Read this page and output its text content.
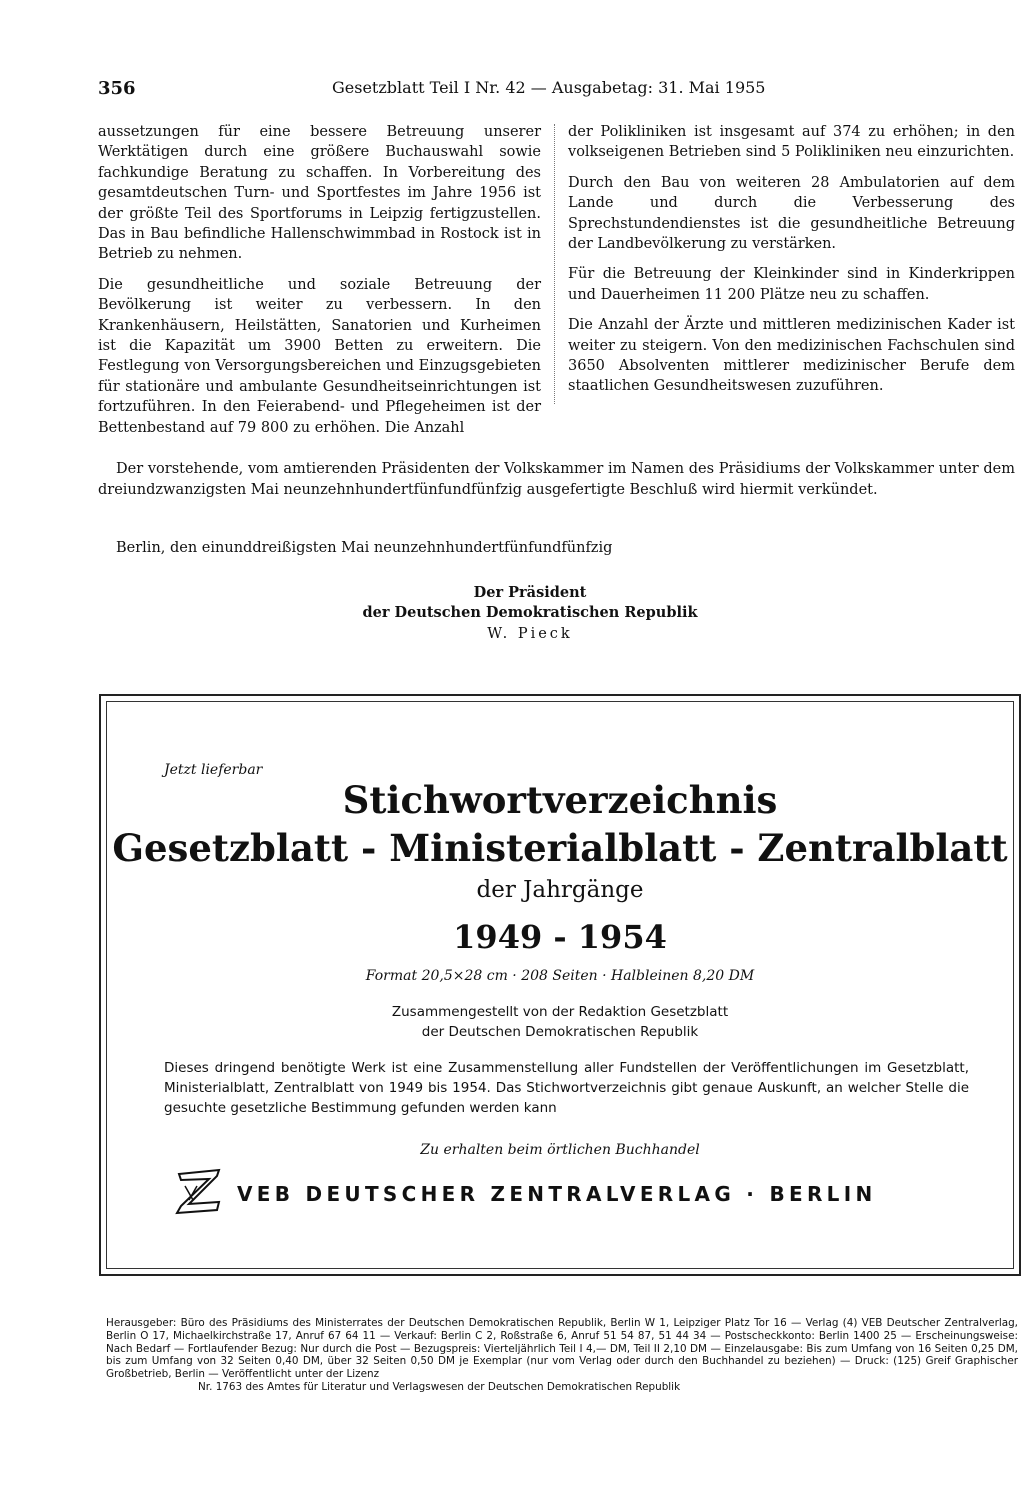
356	Gesetzblatt Teil I Nr. 42 — Ausgabetag: 31. Mai 1955

aussetzungen für eine bessere Betreuung unserer Werktätigen durch eine größere Buchauswahl sowie fachkundige Beratung zu schaffen. In Vorbereitung des gesamtdeutschen Turn- und Sportfestes im Jahre 1956 ist der größte Teil des Sportforums in Leipzig fertigzustellen. Das in Bau befindliche Hallenschwimmbad in Rostock ist in Betrieb zu nehmen.

Die gesundheitliche und soziale Betreuung der Bevölkerung ist weiter zu verbessern. In den Krankenhäusern, Heilstätten, Sanatorien und Kurheimen ist die Kapazität um 3900 Betten zu erweitern. Die Festlegung von Versorgungsbereichen und Einzugsgebieten für stationäre und ambulante Gesundheitseinrichtungen ist fortzuführen. In den Feierabend- und Pflegeheimen ist der Bettenbestand auf 79 800 zu erhöhen. Die Anzahl

der Polikliniken ist insgesamt auf 374 zu erhöhen; in den volkseigenen Betrieben sind 5 Polikliniken neu einzurichten.

Durch den Bau von weiteren 28 Ambulatorien auf dem Lande und durch die Verbesserung des Sprechstundendienstes ist die gesundheitliche Betreuung der Landbevölkerung zu verstärken.

Für die Betreuung der Kleinkinder sind in Kinderkrippen und Dauerheimen 11 200 Plätze neu zu schaffen.

Die Anzahl der Ärzte und mittleren medizinischen Kader ist weiter zu steigern. Von den medizinischen Fachschulen sind 3650 Absolventen mittlerer medizinischer Berufe dem staatlichen Gesundheitswesen zuzuführen.

Der vorstehende, vom amtierenden Präsidenten der Volkskammer im Namen des Präsidiums der Volkskammer unter dem dreiundzwanzigsten Mai neunzehnhundertfünfundfünfzig ausgefertigte Beschluß wird hiermit verkündet.
Berlin, den einunddreißigsten Mai neunzehnhundertfünfundfünfzig
Der Präsident
der Deutschen Demokratischen Republik
W. Pieck
Jetzt lieferbar
Stichwortverzeichnis
Gesetzblatt - Ministerialblatt - Zentralblatt
der Jahrgänge
1949 - 1954
Format 20,5×28 cm · 208 Seiten · Halbleinen 8,20 DM
Zusammengestellt von der Redaktion Gesetzblatt
der Deutschen Demokratischen Republik
Dieses dringend benötigte Werk ist eine Zusammenstellung aller Fundstellen der Veröffentlichungen im Gesetzblatt, Ministerialblatt, Zentralblatt von 1949 bis 1954. Das Stichwortverzeichnis gibt genaue Auskunft, an welcher Stelle die gesuchte gesetzliche Bestimmung gefunden werden kann
Zu erhalten beim örtlichen Buchhandel
VEB DEUTSCHER ZENTRALVERLAG · BERLIN
Herausgeber: Büro des Präsidiums des Ministerrates der Deutschen Demokratischen Republik, Berlin W 1, Leipziger Platz Tor 16 — Verlag (4) VEB Deutscher Zentralverlag, Berlin O 17, Michaelkirchstraße 17, Anruf 67 64 11 — Verkauf: Berlin C 2, Roßstraße 6, Anruf 51 54 87, 51 44 34 — Postscheckkonto: Berlin 1400 25 — Erscheinungsweise: Nach Bedarf — Fortlaufender Bezug: Nur durch die Post — Bezugspreis: Vierteljährlich Teil I 4,— DM, Teil II 2,10 DM — Einzelausgabe: Bis zum Umfang von 16 Seiten 0,25 DM, bis zum Umfang von 32 Seiten 0,40 DM, über 32 Seiten 0,50 DM je Exemplar (nur vom Verlag oder durch den Buchhandel zu beziehen) — Druck: (125) Greif Graphischer Großbetrieb, Berlin — Veröffentlicht unter der Lizenz
Nr. 1763 des Amtes für Literatur und Verlagswesen der Deutschen Demokratischen Republik
